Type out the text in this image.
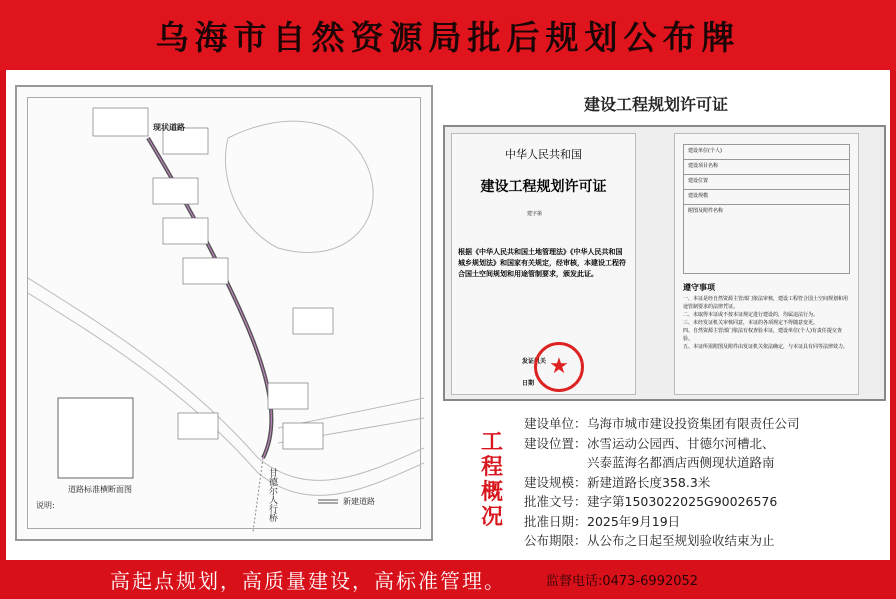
乌海市自然资源局批后规划公布牌
现状道路
甘德尔人行桥
道路标准横断面图
说明:	新建道路
建设工程规划许可证
中华人民共和国
建设工程规划许可证
建字第
根据《中华人民共和国土地管理法》《中华人民共和国城乡规划法》和国家有关规定，经审核，本建设工程符合国土空间规划和用途管制要求，颁发此证。
发证机关
日期
★
建设单位(个人)
建设项目名称
建设位置
建设规模
附图及附件名称
遵守事项
一、本证是经自然资源主管部门依法审核，建设工程符合国土空间规划和用途管制要求的法律凭证。
二、未取得本证或不按本证规定进行建设的，均属违法行为。
三、未经发证机关审核同意，本证的各项规定不得随意变更。
四、自然资源主管部门依法有权查验本证，建设单位(个人)有责任提交查验。
五、本证所需附图及附件由发证机关依法确定，与本证具有同等法律效力。
工程概况
建设单位： 乌海市城市建设投资集团有限责任公司
建设位置： 冰雪运动公园西、甘德尔河槽北、
兴泰蓝海名都酒店西侧现状道路南
建设规模： 新建道路长度358.3米
批准文号： 建字第1503022025G90026576
批准日期： 2025年9月19日
公布期限： 从公布之日起至规划验收结束为止
高起点规划，高质量建设，高标准管理。	监督电话:0473-6992052
